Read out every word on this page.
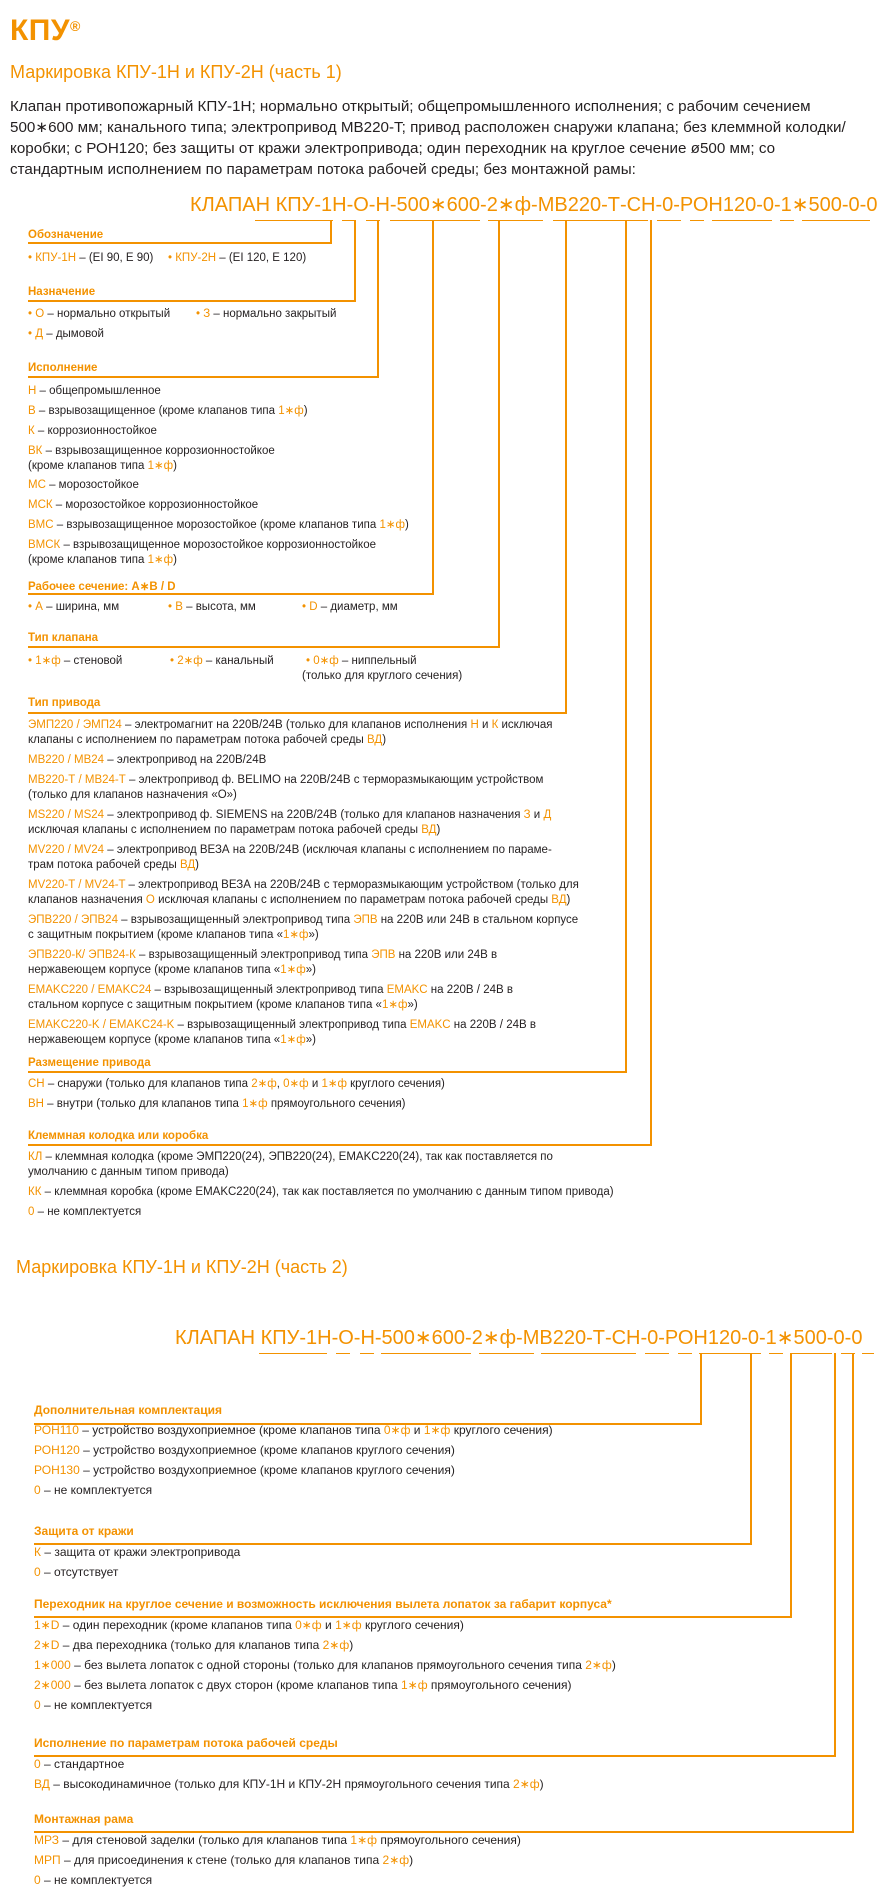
КПУ®
Маркировка КПУ-1Н и КПУ-2Н (часть 1)
Клапан противопожарный КПУ-1Н; нормально открытый; общепромышленного исполнения; с рабочим сечением 500∗600 мм; канального типа; электропривод MB220-T; привод расположен снаружи клапана; без клеммной колодки/коробки; с РОН120; без защиты от кражи электропривода; один переходник на круглое сечение ø500 мм; со стандартным исполнением по параметрам потока рабочей среды; без монтажной рамы:
КЛАПАН КПУ-1Н-О-Н-500∗600-2∗ф-MB220-Т-СН-0-РОН120-0-1∗500-0-0
КЛАПАН КПУ-1Н-О-Н-500∗600-2∗ф-MB220-Т-СН-0-РОН120-0-1∗500-0-0
Обозначение
• КПУ-1Н – (EI 90, E 90) • КПУ-2Н – (EI 120, E 120)
Назначение
• О – нормально открытый • З – нормально закрытый
• Д – дымовой
Исполнение
Н – общепромышленное
В – взрывозащищенное (кроме клапанов типа 1∗ф)
К – коррозионностойкое
ВК – взрывозащищенное коррозионностойкое
(кроме клапанов типа 1∗ф)
МС – морозостойкое
МСК – морозостойкое коррозионностойкое
ВМС – взрывозащищенное морозостойкое (кроме клапанов типа 1∗ф)
ВМСК – взрывозащищенное морозостойкое коррозионностойкое
(кроме клапанов типа 1∗ф)
Рабочее сечение: А∗В / D
• А – ширина, мм	• В – высота, мм	• D – диаметр, мм
Тип клапана
• 1∗ф – стеновой	• 2∗ф – канальный	• 0∗ф – ниппельный
(только для круглого сечения)
Тип привода
ЭМП220 / ЭМП24 – электромагнит на 220В/24В (только для клапанов исполнения Н и К исключая
клапаны с исполнением по параметрам потока рабочей среды ВД)
МВ220 / МВ24 – электропривод на 220В/24В
МВ220-Т / МВ24-Т – электропривод ф. BELIMO на 220В/24В с терморазмыкающим устройством
(только для клапанов назначения «О»)
MS220 / MS24 – электропривод ф. SIEMENS на 220В/24В (только для клапанов назначения З и Д
исключая клапаны с исполнением по параметрам потока рабочей среды ВД)
MV220 / MV24 – электропривод ВЕЗА на 220В/24В (исключая клапаны с исполнением по параме-
трам потока рабочей среды ВД)
MV220-T / MV24-T – электропривод ВЕЗА на 220В/24В с терморазмыкающим устройством (только для
клапанов назначения О исключая клапаны с исполнением по параметрам потока рабочей среды ВД)
ЭПВ220 / ЭПВ24 – взрывозащищенный электропривод типа ЭПВ на 220В или 24В в стальном корпусе
с защитным покрытием (кроме клапанов типа «1∗ф»)
ЭПВ220-К/ ЭПВ24-К – взрывозащищенный электропривод типа ЭПВ на 220В или 24В в
нержавеющем корпусе (кроме клапанов типа «1∗ф»)
EMAKC220 / EMAKC24 – взрывозащищенный электропривод типа EMAKC на 220В / 24В в
стальном корпусе с защитным покрытием (кроме клапанов типа «1∗ф»)
EMAKC220-K / EMAKC24-K – взрывозащищенный электропривод типа EMAKC на 220В / 24В в
нержавеющем корпусе (кроме клапанов типа «1∗ф»)
Размещение привода
СН – снаружи (только для клапанов типа 2∗ф, 0∗ф и 1∗ф круглого сечения)
ВН – внутри (только для клапанов типа 1∗ф прямоугольного сечения)
Клеммная колодка или коробка
КЛ – клеммная колодка (кроме ЭМП220(24), ЭПВ220(24), EMAKC220(24), так как поставляется по
умолчанию с данным типом привода)
КК – клеммная коробка (кроме EMAKC220(24), так как поставляется по умолчанию с данным типом привода)
0 – не комплектуется
Маркировка КПУ-1Н и КПУ-2Н (часть 2)
Дополнительная комплектация
РОН110 – устройство воздухоприемное (кроме клапанов типа 0∗ф и 1∗ф круглого сечения)
РОН120 – устройство воздухоприемное (кроме клапанов круглого сечения)
РОН130 – устройство воздухоприемное (кроме клапанов круглого сечения)
0 – не комплектуется
Защита от кражи
К – защита от кражи электропривода
0 – отсутствует
Переходник на круглое сечение и возможность исключения вылета лопаток за габарит корпуса*
1∗D – один переходник (кроме клапанов типа 0∗ф и 1∗ф круглого сечения)
2∗D – два переходника (только для клапанов типа 2∗ф)
1∗000 – без вылета лопаток с одной стороны (только для клапанов прямоугольного сечения типа 2∗ф)
2∗000 – без вылета лопаток с двух сторон (кроме клапанов типа 1∗ф прямоугольного сечения)
0 – не комплектуется
Исполнение по параметрам потока рабочей среды
0 – стандартное
ВД – высокодинамичное (только для КПУ-1Н и КПУ-2Н прямоугольного сечения типа 2∗ф)
Монтажная рама
МРЗ – для стеновой заделки (только для клапанов типа 1∗ф прямоугольного сечения)
МРП – для присоединения к стене (только для клапанов типа 2∗ф)
0 – не комплектуется
